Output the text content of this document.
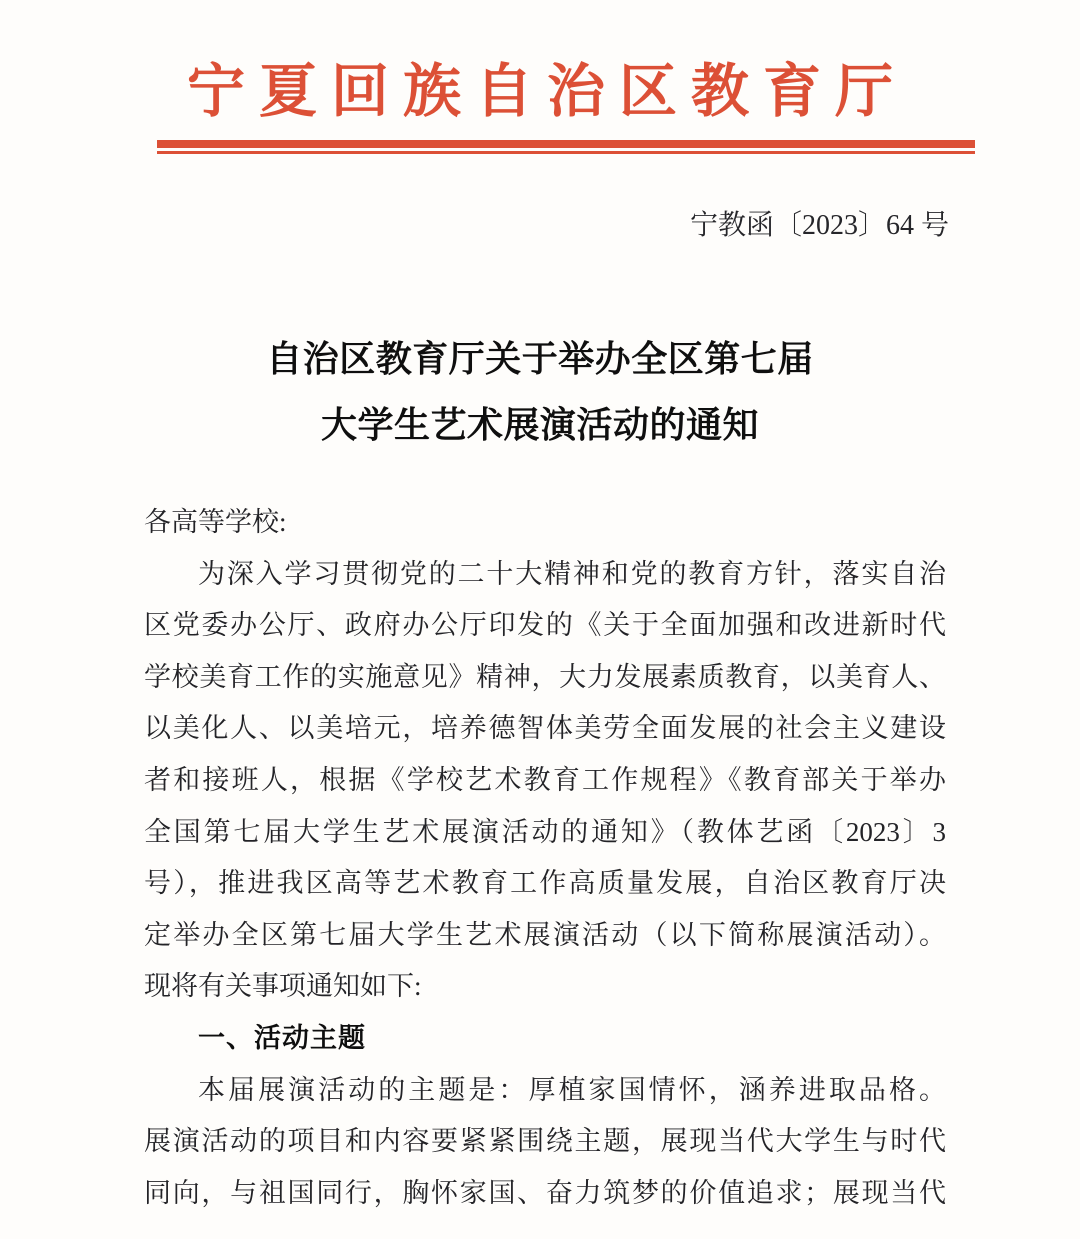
宁夏回族自治区教育厅
宁教函〔2023〕64 号
自治区教育厅关于举办全区第七届
大学生艺术展演活动的通知
各高等学校:
为深入学习贯彻党的二十大精神和党的教育方针，落实自治
区党委办公厅、政府办公厅印发的《关于全面加强和改进新时代
学校美育工作的实施意见》精神，大力发展素质教育，以美育人、
以美化人、以美培元，培养德智体美劳全面发展的社会主义建设
者和接班人，根据《学校艺术教育工作规程》《教育部关于举办
全国第七届大学生艺术展演活动的通知》（教体艺函〔2023〕3
号），推进我区高等艺术教育工作高质量发展，自治区教育厅决
定举办全区第七届大学生艺术展演活动（以下简称展演活动）。
现将有关事项通知如下:
一、活动主题
本届展演活动的主题是：厚植家国情怀，涵养进取品格。
展演活动的项目和内容要紧紧围绕主题，展现当代大学生与时代
同向，与祖国同行，胸怀家国、奋力筑梦的价值追求；展现当代
